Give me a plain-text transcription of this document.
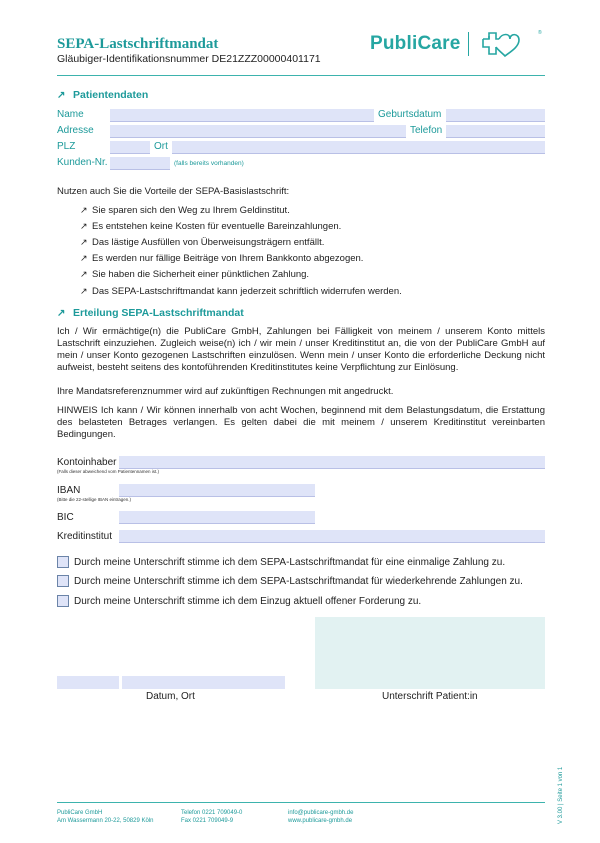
SEPA-Lastschriftmandat
Gläubiger-Identifikationsnummer DE21ZZZ00000401171
PubliCare	®
↗ Patientendaten
Name	Geburtsdatum
Adresse	Telefon
PLZ	Ort
Kunden-Nr.	(falls bereits vorhanden)
Nutzen auch Sie die Vorteile der SEPA-Basislastschrift:
↗ Sie sparen sich den Weg zu Ihrem Geldinstitut.
↗ Es entstehen keine Kosten für eventuelle Bareinzahlungen.
↗ Das lästige Ausfüllen von Überweisungsträgern entfällt.
↗ Es werden nur fällige Beiträge von Ihrem Bankkonto abgezogen.
↗ Sie haben die Sicherheit einer pünktlichen Zahlung.
↗ Das SEPA-Lastschriftmandat kann jederzeit schriftlich widerrufen werden.
↗ Erteilung SEPA-Lastschriftmandat
Ich / Wir ermächtige(n) die PubliCare GmbH, Zahlungen bei Fälligkeit von meinem / unserem Konto mittels Lastschrift einzuziehen. Zugleich weise(n) ich / wir mein / unser Kreditinstitut an, die von der PubliCare GmbH auf mein / unser Konto gezogenen Lastschriften einzulösen. Wenn mein / unser Konto die erforderliche Deckung nicht aufweist, besteht seitens des kontoführenden Kreditinstitutes keine Verpflichtung zur Einlösung.
Ihre Mandatsreferenznummer wird auf zukünftigen Rechnungen mit angedruckt.
HINWEIS Ich kann / Wir können innerhalb von acht Wochen, beginnend mit dem Belastungsdatum, die Erstattung des belasteten Betrages verlangen. Es gelten dabei die mit meinem / unserem Kreditinstitut vereinbarten Bedingungen.
Kontoinhaber
(Falls dieser abweichend vom Patientennamen ist.)
IBAN
(Bitte die 22-stellige IBAN eintragen.)
BIC
Kreditinstitut
Durch meine Unterschrift stimme ich dem SEPA-Lastschriftmandat für eine einmalige Zahlung zu.
Durch meine Unterschrift stimme ich dem SEPA-Lastschriftmandat für wiederkehrende Zahlungen zu.
Durch meine Unterschrift stimme ich dem Einzug aktuell offener Forderung zu.
Datum, Ort	Unterschrift Patient:in
V 3.00 | Seite 1 von 1
PubliCare GmbH
Am Wassermann 20-22, 50829 Köln
Telefon 0221 709049-0
Fax 0221 709049-9
info@publicare-gmbh.de
www.publicare-gmbh.de
